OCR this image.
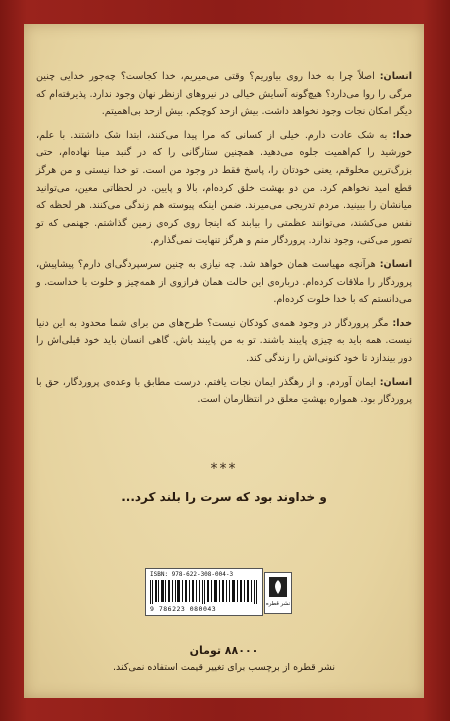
انسان: اصلاً چرا به خدا روی بیاوریم؟ وقتی می‌میریم، خدا کجاست؟ چه‌جور خدایی چنین مرگی را روا می‌دارد؟ هیچ‌گونه آسایش خیالی در نیروهای ازنظر نهان وجود ندارد. پذیرفته‌ام که دیگر امکان نجات وجود نخواهد داشت. بیش ازحد کوچکم. بیش ازحد بی‌اهمیتم.

خدا: به شک عادت دارم. خیلی از کسانی که مرا پیدا می‌کنند، ابتدا شک داشتند. با علم، خورشید را کم‌اهمیت جلوه می‌دهید. همچنین ستارگانی را که در گنبد مینا نهاده‌ام، حتی بزرگ‌ترین مخلوقم، یعنی خودتان را، پاسخ فقط در وجود من است. تو خدا نیستی و من هرگز قطع امید نخواهم کرد. من دو بهشت خلق کرده‌ام، بالا و پایین. در لحظاتی معین، می‌توانید میانشان را ببینید. مردم تدریجی می‌میرند. ضمن اینکه پیوسته هم زندگی می‌کنند. هر لحظه که نفس می‌کشند، می‌توانند عظمتی را بیابند که اینجا روی کره‌ی زمین گذاشتم. جهنمی که تو تصور می‌کنی، وجود ندارد. پروردگار منم و هرگز تنهایت نمی‌گذارم.

انسان: هرآنچه مهیاست همان خواهد شد. چه نیازی به چنین سرسپردگی‌ای دارم؟ پیشاپیش، پروردگار را ملاقات کرده‌ام. درباره‌ی این حالت همان فرازوی از همه‌چیز و خلوت با خداست. و می‌دانستم که با خدا خلوت کرده‌ام.

خدا: مگر پروردگار در وجود همه‌ی کودکان نیست؟ طرح‌های من برای شما محدود به این دنیا نیست. همه باید به چیزی پایبند باشند. تو به من پایبند باش. گاهی انسان باید خود قبلی‌اش را دور بیندازد تا خود کنونی‌اش را زندگی کند.

انسان: ایمان آوردم. و از رهگذر ایمان نجات یافتم. درست مطابق با وعده‌ی پروردگار، حق با پروردگار بود. همواره بهشتِ معلق در انتظارمان است.

***
و خداوند بود که سرت را بلند کرد...
۸۸۰۰۰ تومان
نشر قطره از برچسب برای تغییر قیمت استفاده نمی‌کند.
ISBN: 978-622-308-004-3
9 786223 080043
نشر قطره
